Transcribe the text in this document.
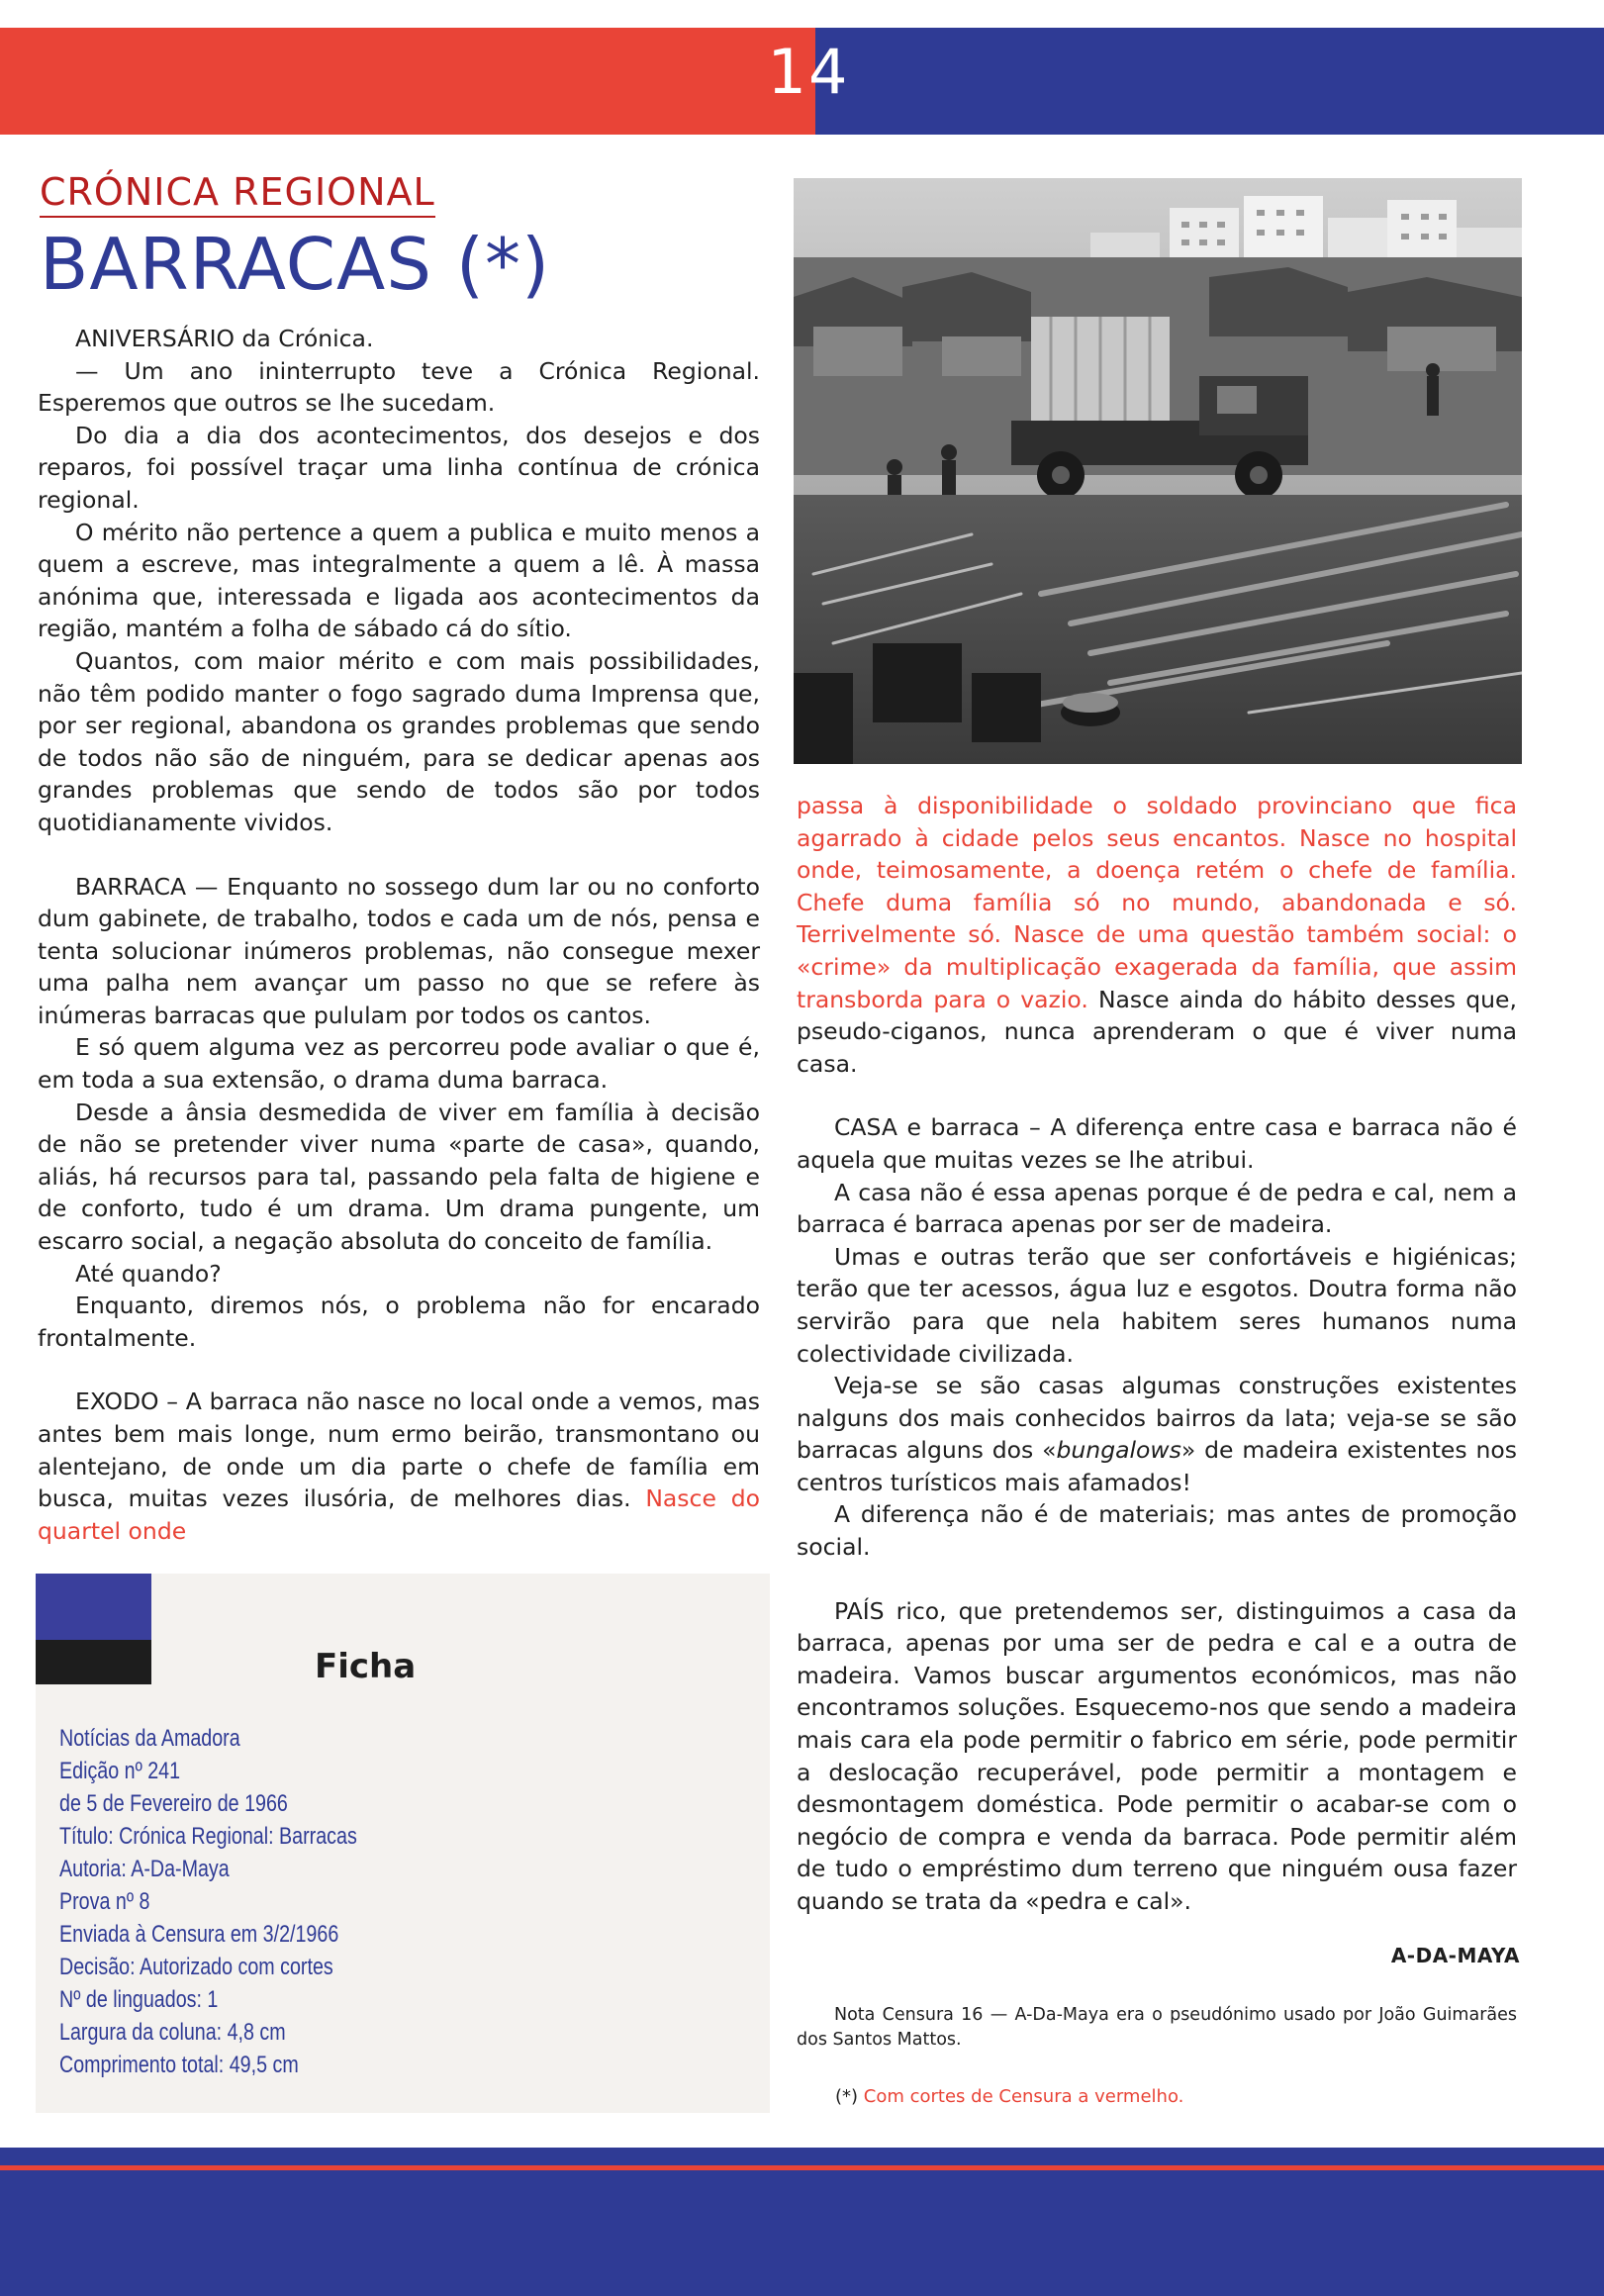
14
CRÓNICA REGIONAL
BARRACAS (*)

ANIVERSÁRIO da Crónica.

— Um ano ininterrupto teve a Crónica Regional. Esperemos que outros se lhe sucedam.

Do dia a dia dos acontecimentos, dos desejos e dos reparos, foi possível traçar uma linha contínua de crónica regional.

O mérito não pertence a quem a publica e muito menos a quem a escreve, mas integralmente a quem a lê. À massa anónima que, interessada e ligada aos acontecimentos da região, mantém a folha de sábado cá do sítio.

Quantos, com maior mérito e com mais possibilidades, não têm podido manter o fogo sagrado duma Imprensa que, por ser regional, abandona os grandes problemas que sendo de todos não são de ninguém, para se dedicar apenas aos grandes problemas que sendo de todos são por todos quotidianamente vividos.

BARRACA — Enquanto no sossego dum lar ou no conforto dum gabinete, de trabalho, todos e cada um de nós, pensa e tenta solucionar inúmeros problemas, não consegue mexer uma palha nem avançar um passo no que se refere às inúmeras barracas que pululam por todos os cantos.

E só quem alguma vez as percorreu pode avaliar o que é, em toda a sua extensão, o drama duma barraca.

Desde a ânsia desmedida de viver em família à decisão de não se pretender viver numa «parte de casa», quando, aliás, há recursos para tal, passando pela falta de higiene e de conforto, tudo é um drama. Um drama pungente, um escarro social, a negação absoluta do conceito de família.

Até quando?

Enquanto, diremos nós, o problema não for encarado frontalmente.

EXODO – A barraca não nasce no local onde a vemos, mas antes bem mais longe, num ermo beirão, transmontano ou alentejano, de onde um dia parte o chefe de família em busca, muitas vezes ilusória, de melhores dias. Nasce do quartel onde

passa à disponibilidade o soldado provinciano que fica agarrado à cidade pelos seus encantos. Nasce no hospital onde, teimosamente, a doença retém o chefe de família. Chefe duma família só no mundo, abandonada e só. Terrivelmente só. Nasce de uma questão também social: o «crime» da multiplicação exagerada da família, que assim transborda para o vazio. Nasce ainda do hábito desses que, pseudo-ciganos, nunca aprenderam o que é viver numa casa.

CASA e barraca – A diferença entre casa e barraca não é aquela que muitas vezes se lhe atribui.

A casa não é essa apenas porque é de pedra e cal, nem a barraca é barraca apenas por ser de madeira.

Umas e outras terão que ser confortáveis e higiénicas; terão que ter acessos, água luz e esgotos. Doutra forma não servirão para que nela habitem seres humanos numa colectividade civilizada.

Veja-se se são casas algumas construções existentes nalguns dos mais conhecidos bairros da lata; veja-se se são barracas alguns dos «bungalows» de madeira existentes nos centros turísticos mais afamados!

A diferença não é de materiais; mas antes de promoção social.

PAÍS rico, que pretendemos ser, distinguimos a casa da barraca, apenas por uma ser de pedra e cal e a outra de madeira. Vamos buscar argumentos económicos, mas não encontramos soluções. Esquecemo-nos que sendo a madeira mais cara ela pode permitir o fabrico em série, pode permitir a deslocação recuperável, pode permitir a montagem e desmontagem doméstica. Pode permitir o acabar-se com o negócio de compra e venda da barraca. Pode permitir além de tudo o empréstimo dum terreno que ninguém ousa fazer quando se trata da «pedra e cal».

Ficha
Notícias da Amadora
Edição nº 241
de 5 de Fevereiro de 1966
Título: Crónica Regional: Barracas
Autoria: A-Da-Maya
Prova nº 8
Enviada à Censura em 3/2/1966
Decisão: Autorizado com cortes
Nº de linguados: 1
Largura da coluna: 4,8 cm
Comprimento total: 49,5 cm
A-DA-MAYA

Nota Censura 16 — A-Da-Maya era o pseudónimo usado por João Guimarães dos Santos Mattos.

(*) Com cortes de Censura a vermelho.
